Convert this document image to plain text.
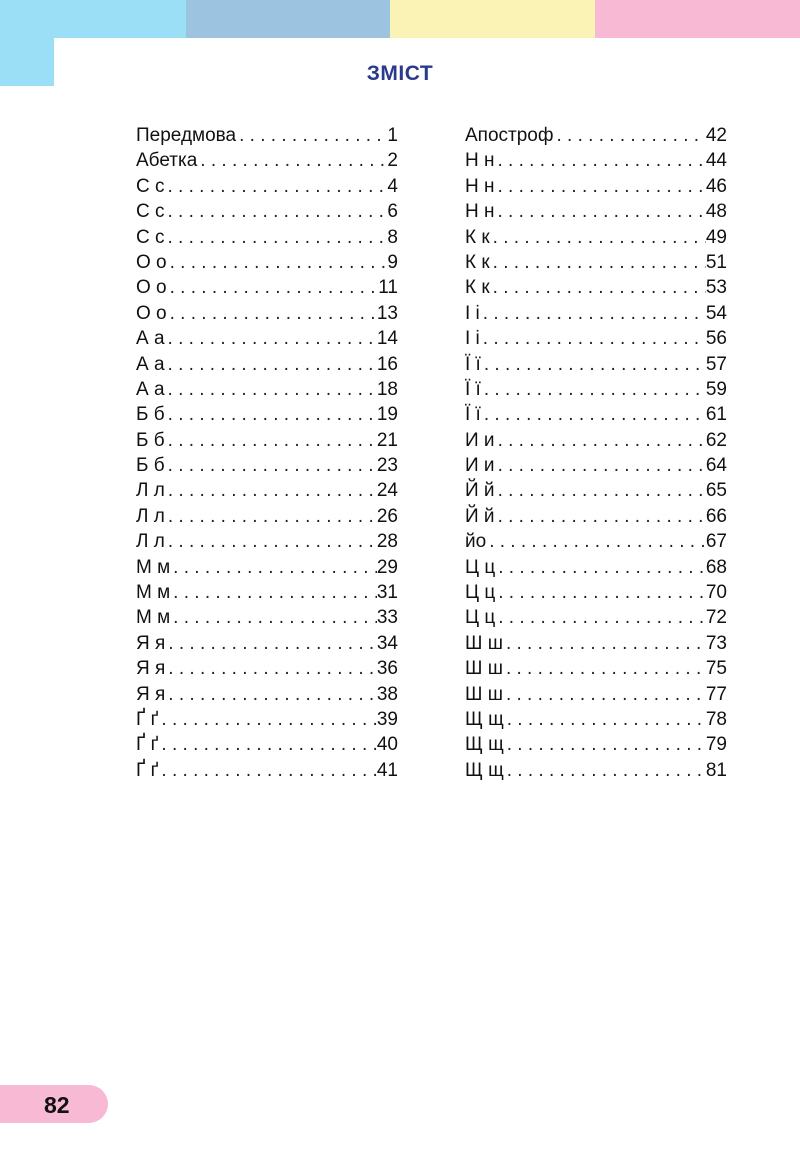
ЗМІСТ
Передмова . . .	1
Абетка . . .	2
С с . . .	4
С с . . .	6
С с . . .	8
О о . . .	9
О о . . .	11
О о . . .	13
А а . . .	14
А а . . .	16
А а . . .	18
Б б . . .	19
Б б . . .	21
Б б . . .	23
Л л . . .	24
Л л . . .	26
Л л . . .	28
М м . . .	29
М м . . .	31
М м . . .	33
Я я . . .	34
Я я . . .	36
Я я . . .	38
Ґ ґ . . .	39
Ґ ґ . . .	40
Ґ ґ . . .	41
Апостроф . . .	42
Н н . . .	44
Н н . . .	46
Н н . . .	48
К к . . .	49
К к . . .	51
К к . . .	53
І і . . .	54
І і . . .	56
Ї ї . . .	57
Ї ї . . .	59
Ї ї . . .	61
И и . . .	62
И и . . .	64
Й й . . .	65
Й й . . .	66
йо . . .	67
Ц ц . . .	68
Ц ц . . .	70
Ц ц . . .	72
Ш ш . . .	73
Ш ш . . .	75
Ш ш . . .	77
Щ щ . . .	78
Щ щ . . .	79
Щ щ . . .	81
82
